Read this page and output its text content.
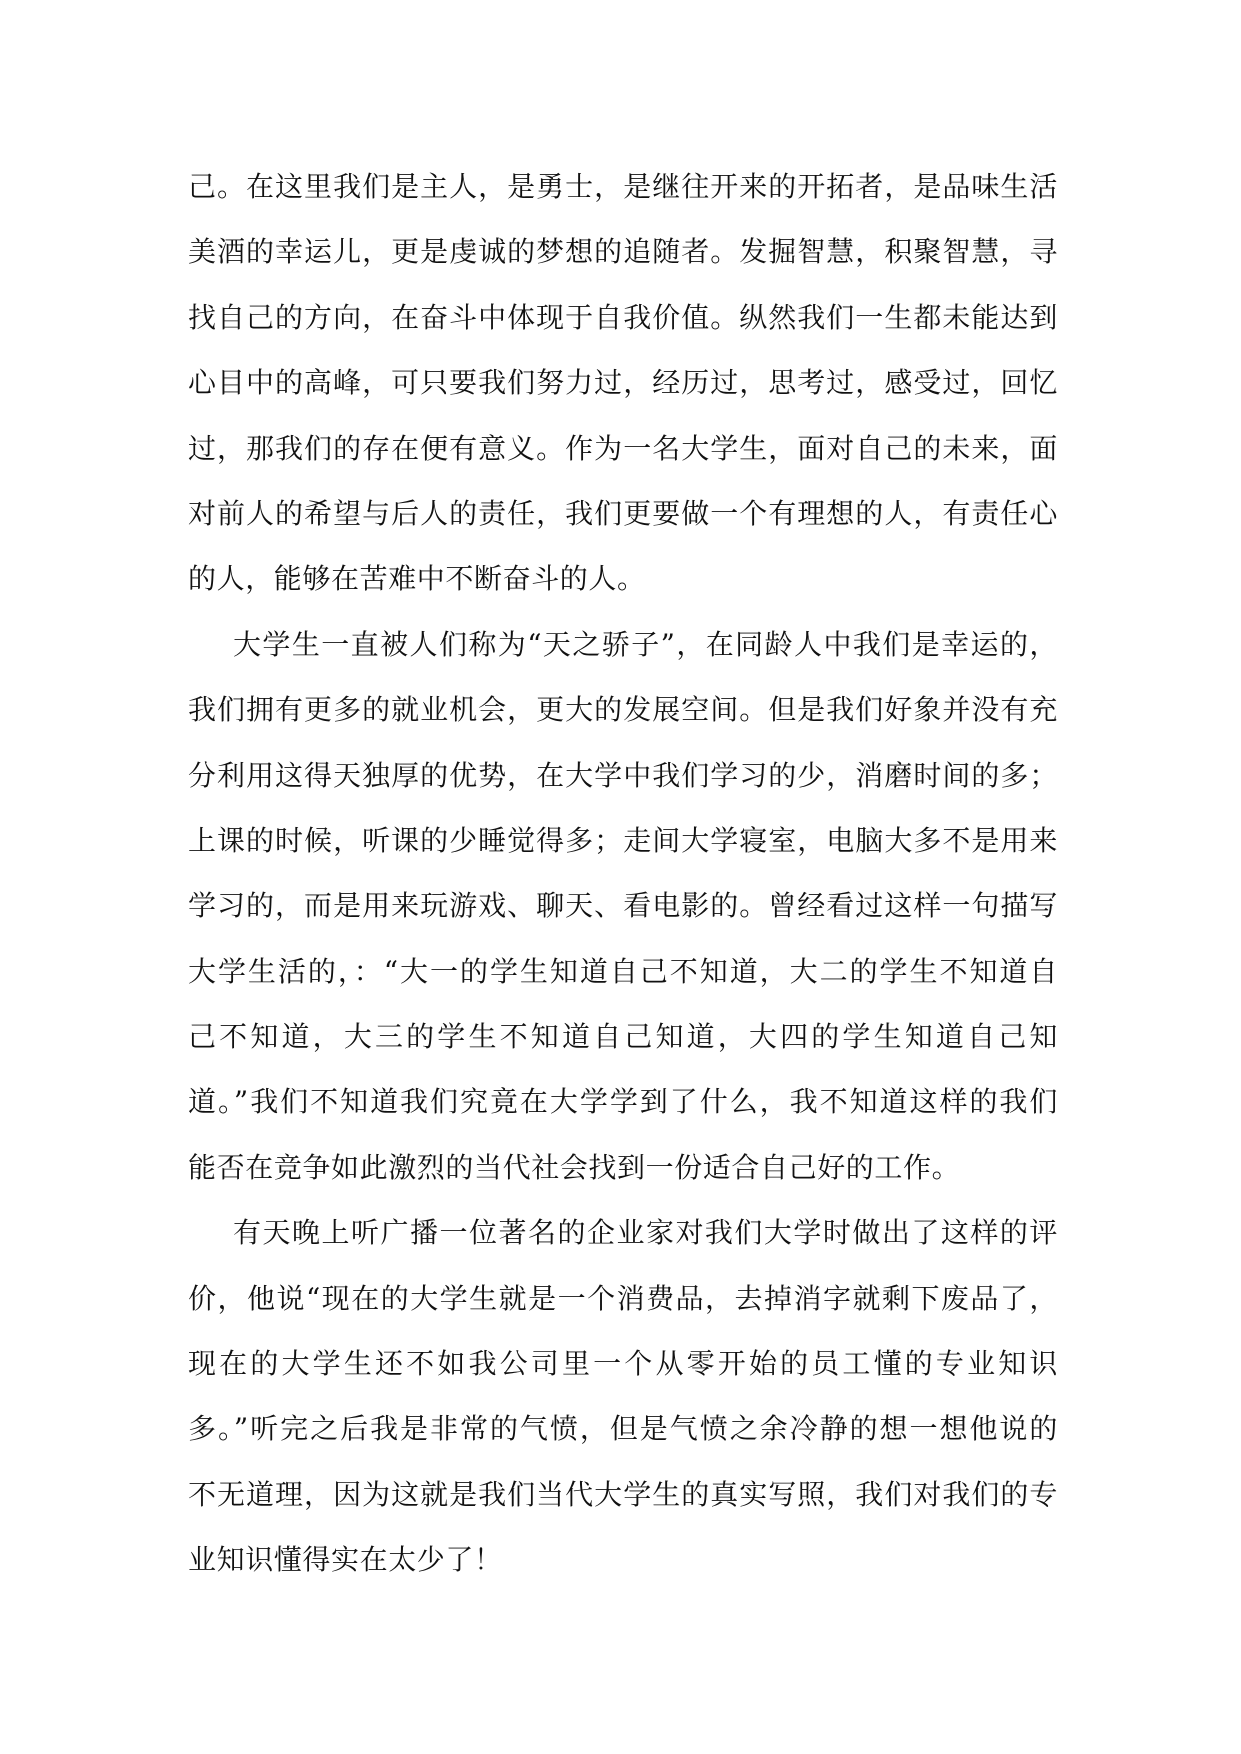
己。在这里我们是主人，是勇士，是继往开来的开拓者，是品味生活
美酒的幸运儿，更是虔诚的梦想的追随者。发掘智慧，积聚智慧，寻
找自己的方向，在奋斗中体现于自我价值。纵然我们一生都未能达到
心目中的高峰，可只要我们努力过，经历过，思考过，感受过，回忆
过，那我们的存在便有意义。作为一名大学生，面对自己的未来，面
对前人的希望与后人的责任，我们更要做一个有理想的人，有责任心
的人，能够在苦难中不断奋斗的人。
大学生一直被人们称为“天之骄子”，在同龄人中我们是幸运的，
我们拥有更多的就业机会，更大的发展空间。但是我们好象并没有充
分利用这得天独厚的优势，在大学中我们学习的少，消磨时间的多；
上课的时候，听课的少睡觉得多；走间大学寝室，电脑大多不是用来
学习的，而是用来玩游戏、聊天、看电影的。曾经看过这样一句描写
大学生活的，：“大一的学生知道自己不知道，大二的学生不知道自
己不知道，大三的学生不知道自己知道，大四的学生知道自己知
道。”我们不知道我们究竟在大学学到了什么，我不知道这样的我们
能否在竞争如此激烈的当代社会找到一份适合自己好的工作。
有天晚上听广播一位著名的企业家对我们大学时做出了这样的评
价，他说“现在的大学生就是一个消费品，去掉消字就剩下废品了，
现在的大学生还不如我公司里一个从零开始的员工懂的专业知识
多。”听完之后我是非常的气愤，但是气愤之余冷静的想一想他说的
不无道理，因为这就是我们当代大学生的真实写照，我们对我们的专
业知识懂得实在太少了！
